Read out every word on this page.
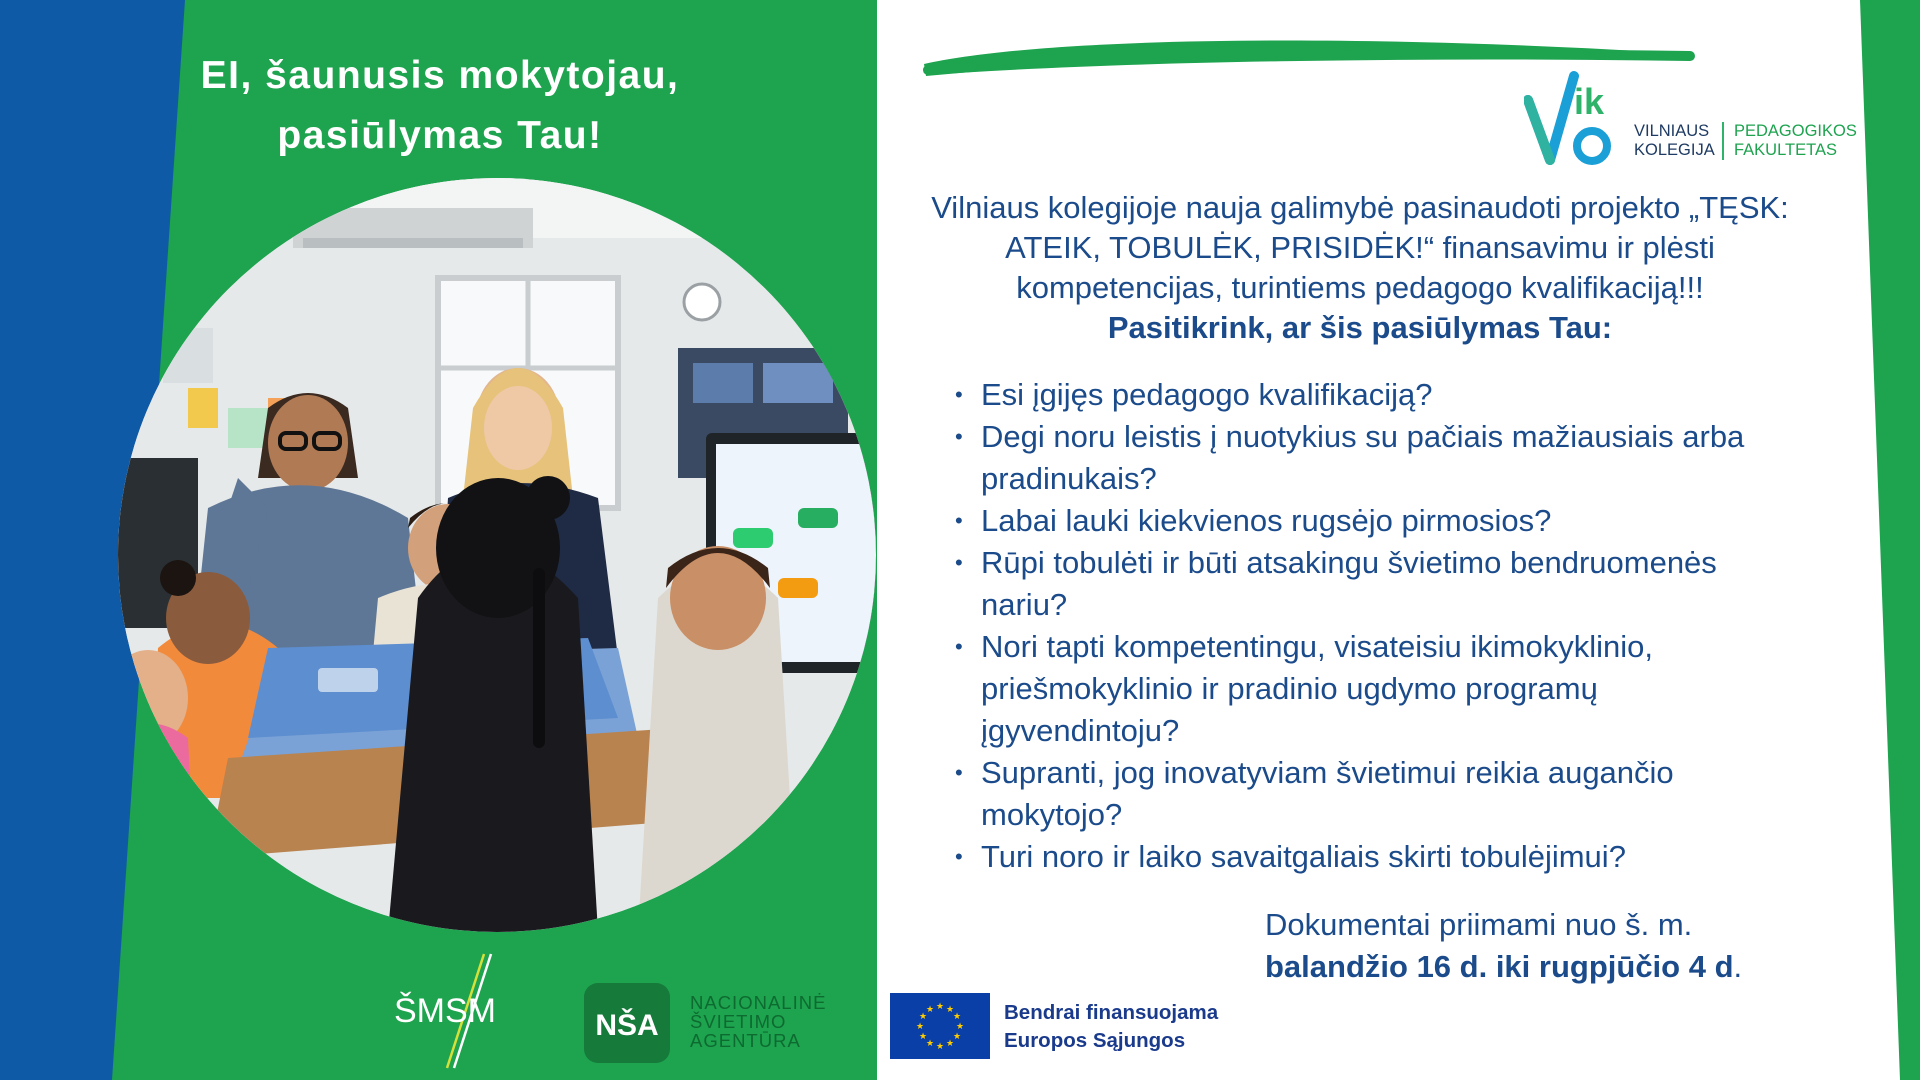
EI, šaunusis mokytojau,
pasiūlymas Tau!
ŠMSM	NŠA
NACIONALINĖ
ŠVIETIMO
AGENTŪRA
ik
VILNIAUS
KOLEGIJA
PEDAGOGIKOS
FAKULTETAS
Vilniaus kolegijoje nauja galimybė pasinaudoti projekto „TĘSK:
ATEIK, TOBULĖK, PRISIDĖK!“ finansavimu ir plėsti
kompetencijas, turintiems pedagogo kvalifikaciją!!!
Pasitikrink, ar šis pasiūlymas Tau:
• Esi įgijęs pedagogo kvalifikaciją?
• Degi noru leistis į nuotykius su pačiais mažiausiais arba
pradinukais?
• Labai lauki kiekvienos rugsėjo pirmosios?
• Rūpi tobulėti ir būti atsakingu švietimo bendruomenės
nariu?
• Nori tapti kompetentingu, visateisiu ikimokyklinio,
priešmokyklinio ir pradinio ugdymo programų
įgyvendintoju?
• Supranti, jog inovatyviam švietimui reikia augančio
mokytojo?
• Turi noro ir laiko savaitgaliais skirti tobulėjimui?
Dokumentai priimami nuo š. m.
balandžio 16 d. iki rugpjūčio 4 d.
★ ★
★
★
★
★
★
★
★
★
★
★	Bendrai finansuojama
Europos Sąjungos
